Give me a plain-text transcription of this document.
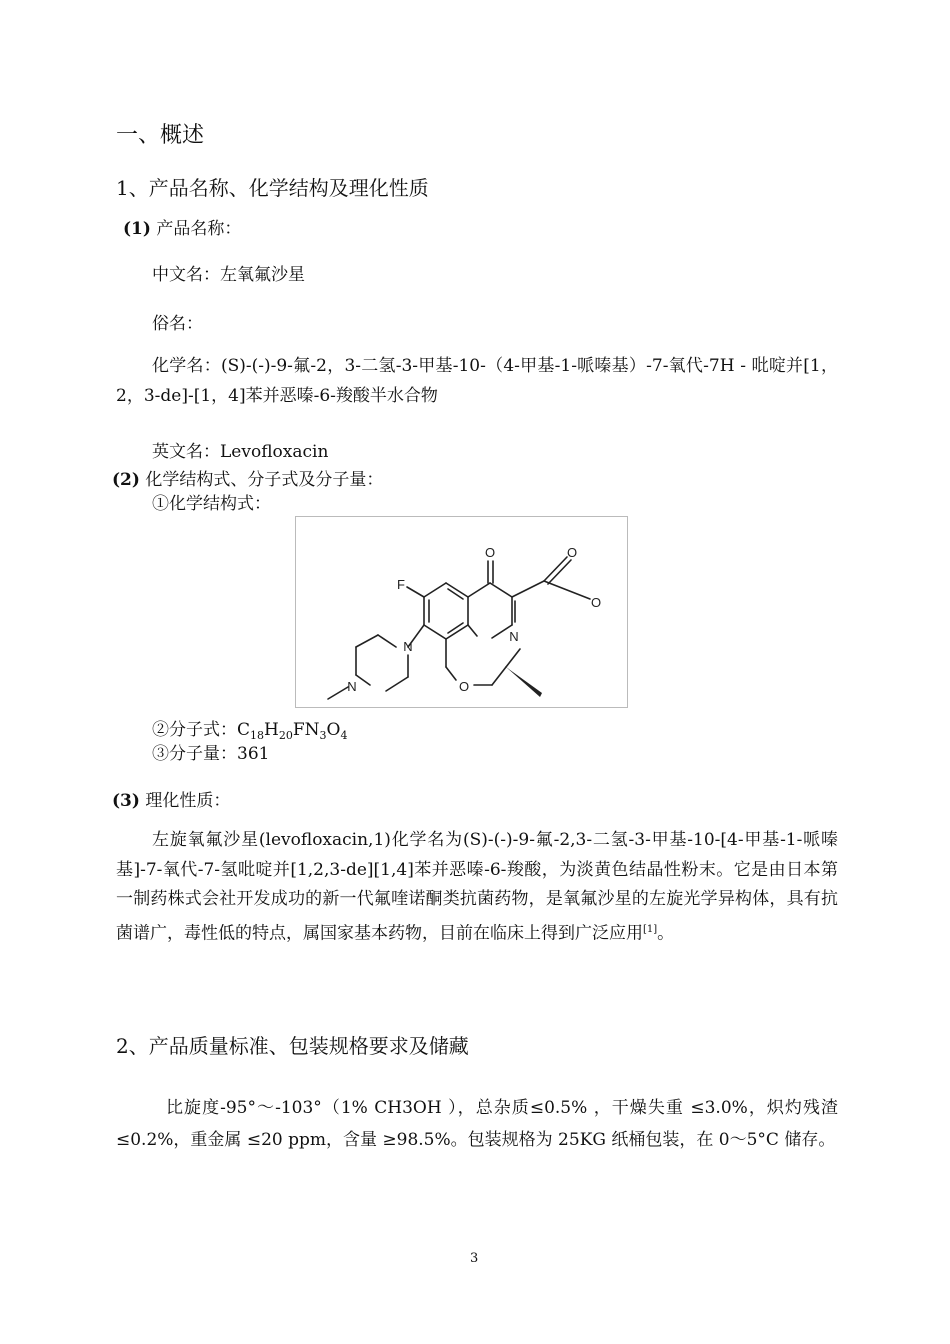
一、概述
1、产品名称、化学结构及理化性质
(1) 产品名称：
中文名：左氧氟沙星
俗名：
化学名：(S)-(-)-9-氟-2，3-二氢-3-甲基-10-（4-甲基-1-哌嗪基）-7-氧代-7H - 吡啶并[1，2，3-de]-[1，4]苯并恶嗪-6-羧酸半水合物
英文名：Levofloxacin
(2) 化学结构式、分子式及分子量：
①化学结构式：
F
O	O
O
N
N
N	O
②分子式：$C_{18}H_{20}FN_3O_4$
③分子量：361
(3) 理化性质：
左旋氧氟沙星(levofloxacin,1)化学名为(S)-(-)-9-氟-2,3-二氢-3-甲基-10-[4-甲基-1-哌嗪基]-7-氧代-7-氢吡啶并[1,2,3-de][1,4]苯并恶嗪-6-羧酸，为淡黄色结晶性粉末。它是由日本第一制药株式会社开发成功的新一代氟喹诺酮类抗菌药物，是氧氟沙星的左旋光学异构体，具有抗菌谱广，毒性低的特点，属国家基本药物，目前在临床上得到广泛应用[1]。
2、产品质量标准、包装规格要求及储藏
比旋度-95°～-103°（1% CH3OH ），总杂质≤0.5% ，干燥失重 ≤3.0%，炽灼残渣≤0.2%，重金属 ≤20 ppm，含量 ≥98.5%。包装规格为 25KG 纸桶包装，在 0～5°C 储存。
3
